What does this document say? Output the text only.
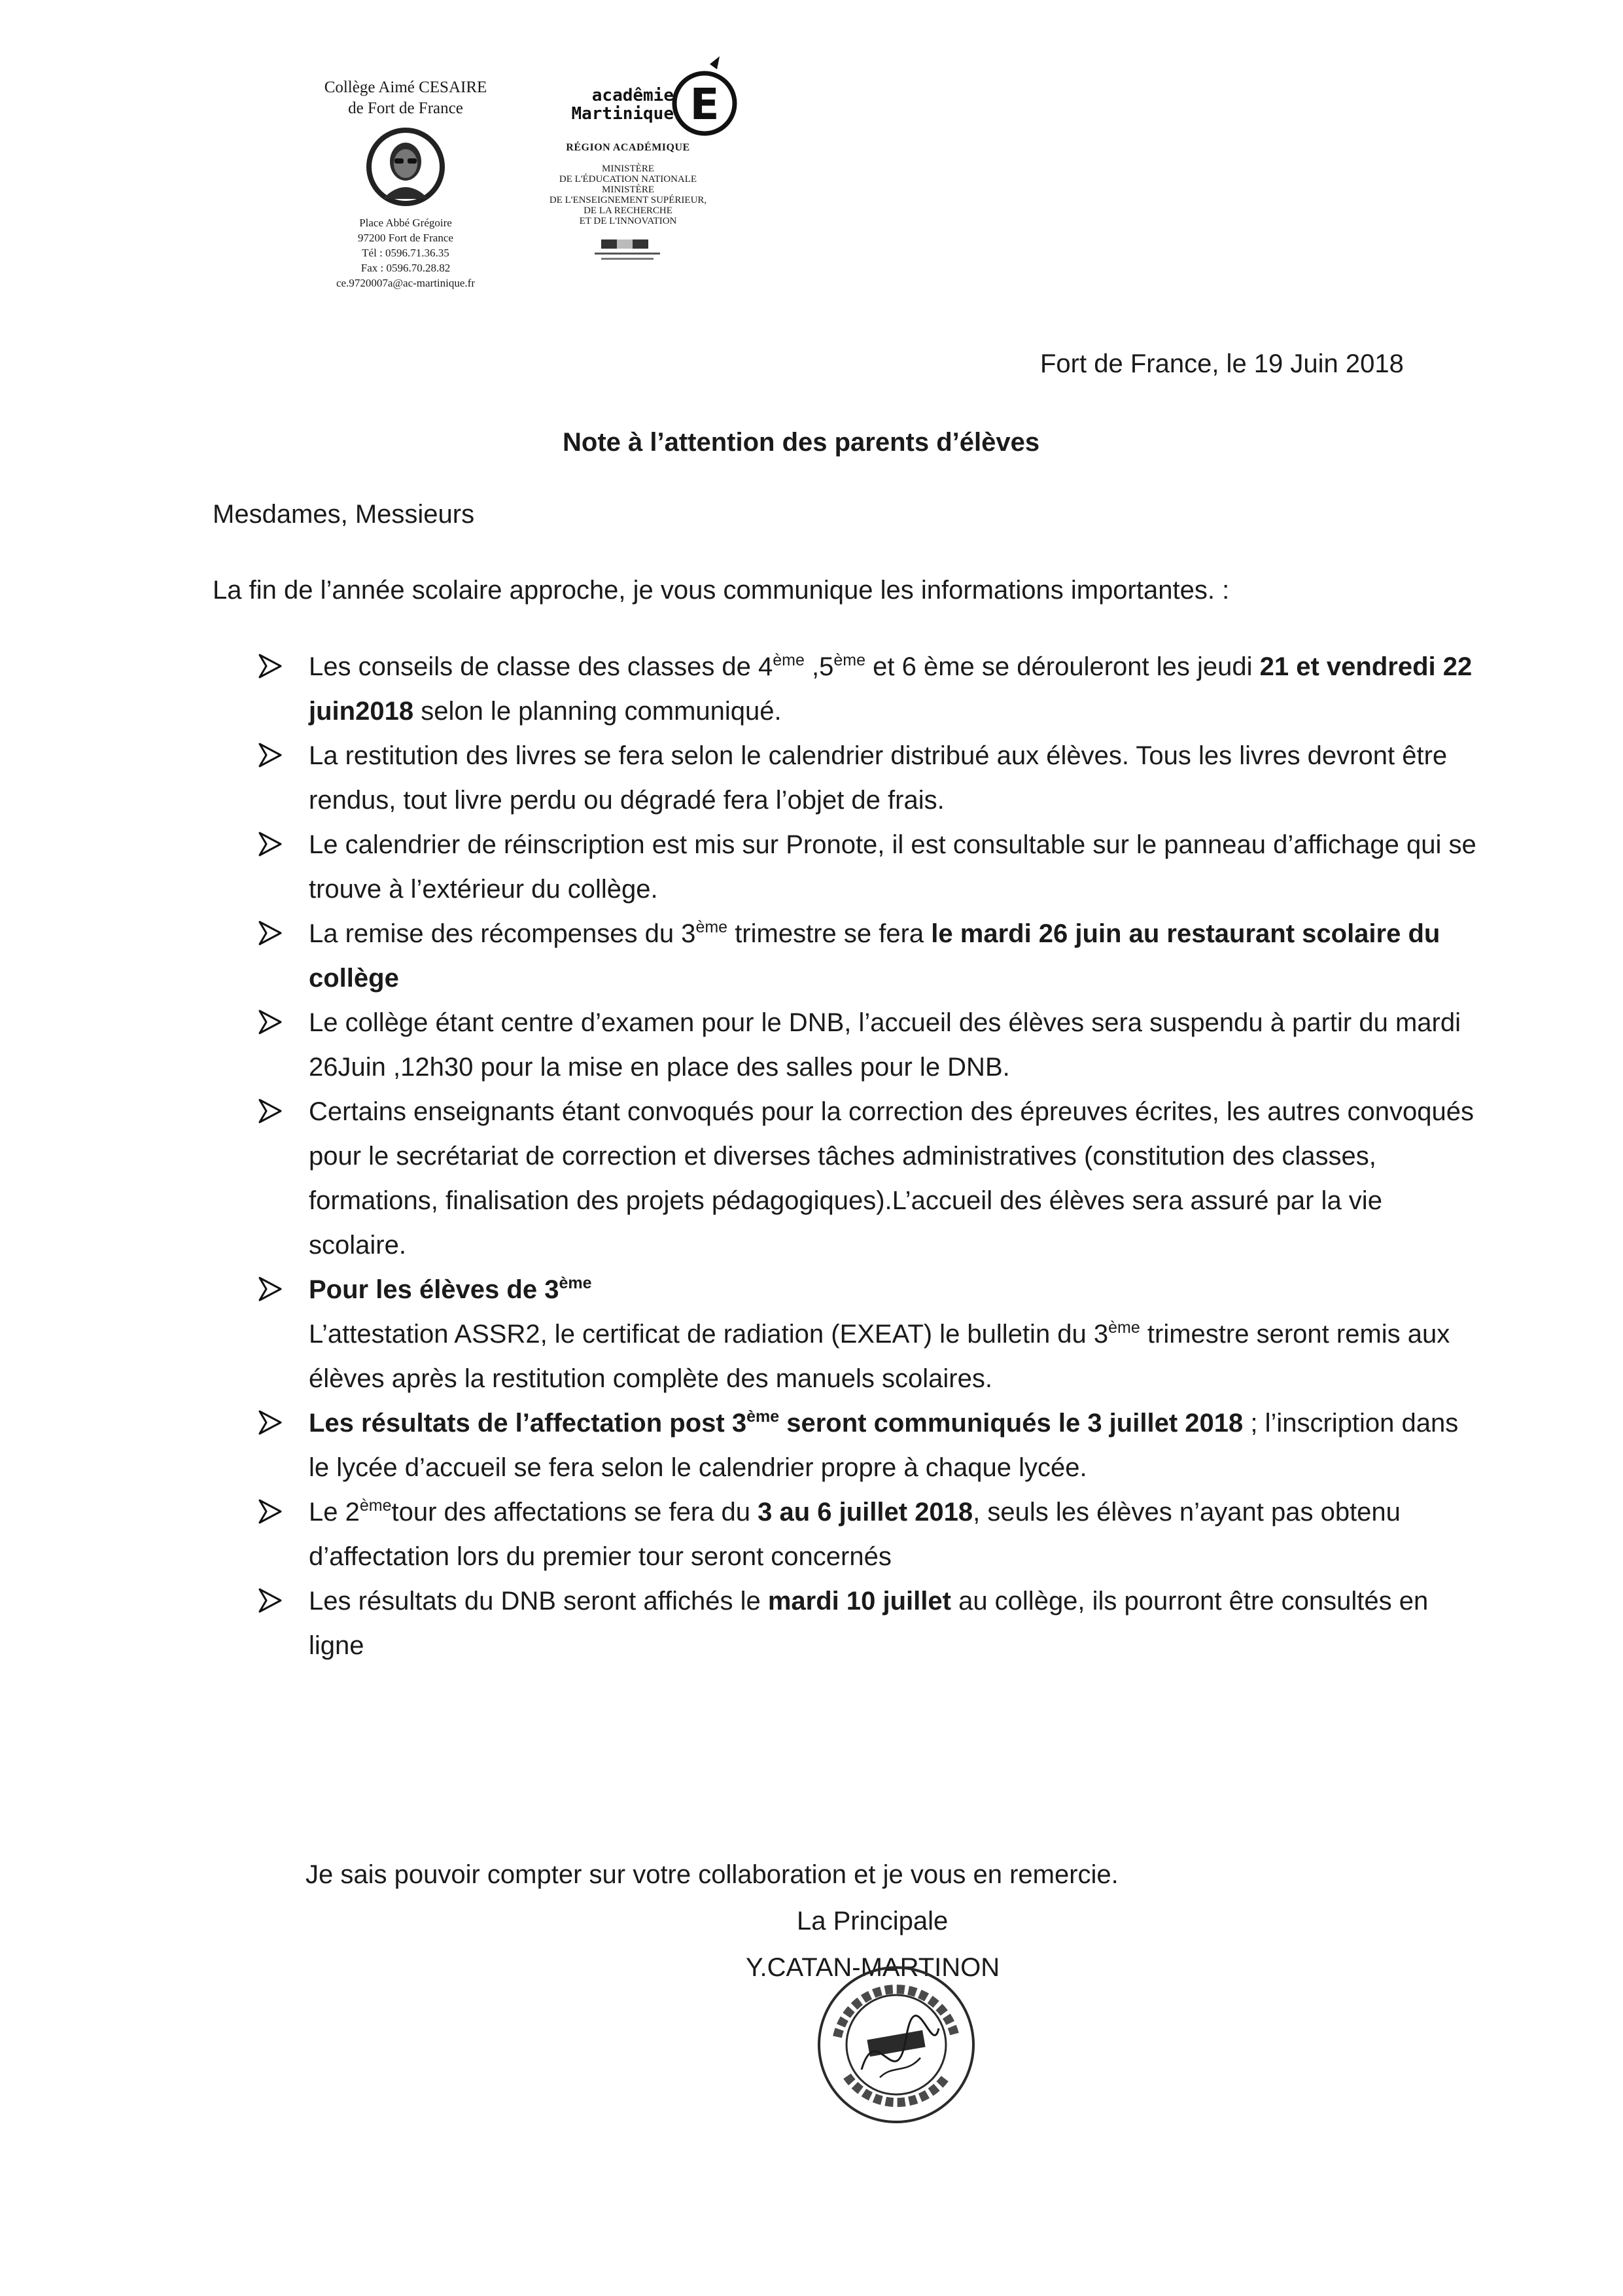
Collège Aimé CESAIRE
de Fort de France
Place Abbé Grégoire
97200 Fort de France
Tél : 0596.71.36.35
Fax : 0596.70.28.82
ce.9720007a@ac-martinique.fr
E
acadêmie
Martinique
RÉGION ACADÉMIQUE
MINISTÈRE
DE L'ÉDUCATION NATIONALE
MINISTÈRE
DE L'ENSEIGNEMENT SUPÉRIEUR,
DE LA RECHERCHE
ET DE L'INNOVATION
Fort de France, le 19 Juin 2018
Note à l’attention des parents d’élèves
Mesdames, Messieurs
La fin de l’année scolaire approche, je vous communique les informations importantes. :
Les conseils de classe des classes de 4ème ,5ème et 6 ème se dérouleront les jeudi 21 et vendredi 22 juin2018 selon le planning communiqué.
La restitution des livres se fera selon le calendrier distribué aux élèves. Tous les livres devront être rendus, tout livre perdu ou dégradé fera l’objet de frais.
Le calendrier de réinscription est mis sur Pronote, il est consultable sur le panneau d’affichage qui se trouve à l’extérieur du collège.
La remise des récompenses du 3ème trimestre se fera le mardi 26 juin au restaurant scolaire du collège
Le collège étant centre d’examen pour le DNB, l’accueil des élèves sera suspendu à partir du mardi 26Juin ,12h30 pour la mise en place des salles pour le DNB.
Certains enseignants étant convoqués pour la correction des épreuves écrites, les autres convoqués pour le secrétariat de correction et diverses tâches administratives (constitution des classes, formations, finalisation des projets pédagogiques).L’accueil des élèves sera assuré par la vie scolaire.
Pour les élèves de 3ème
L’attestation ASSR2, le certificat de radiation (EXEAT) le bulletin du 3ème trimestre seront remis aux élèves après la restitution complète des manuels scolaires.
Les résultats de l’affectation post 3ème seront communiqués le 3 juillet 2018 ; l’inscription dans le lycée d’accueil se fera selon le calendrier propre à chaque lycée.
Le 2èmetour des affectations se fera du 3 au 6 juillet 2018, seuls les élèves n’ayant pas obtenu d’affectation lors du premier tour seront concernés
Les résultats du DNB seront affichés le mardi 10 juillet au collège, ils pourront être consultés en ligne
Je sais pouvoir compter sur votre collaboration et je vous en remercie.
La Principale
Y.CATAN-MARTINON
